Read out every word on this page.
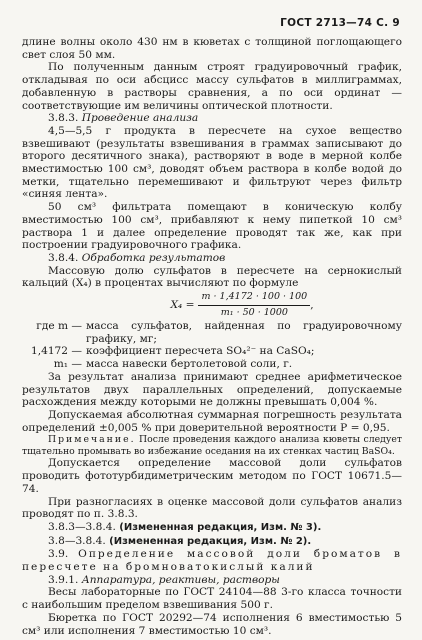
ГОСТ 2713—74 С. 9

длине волны около 430 нм в кюветах с толщиной поглощающего свет слоя 50 мм.

По полученным данным строят градуировочный график, откладывая по оси абсцисс массу сульфатов в миллиграммах, добавленную в растворы сравнения, а по оси ординат — соответствующие им величины оптической плотности.

3.8.3. Проведение анализа

4,5—5,5 г продукта в пересчете на сухое вещество взвешивают (результаты взвешивания в граммах записывают до второго десятичного знака), растворяют в воде в мерной колбе вместимостью 100 см³, доводят объем раствора в колбе водой до метки, тщательно перемешивают и фильтруют через фильтр «синяя лента».

50 см³ фильтрата помещают в коническую колбу вместимостью 100 см³, прибавляют к нему пипеткой 10 см³ раствора 1 и далее определение проводят так же, как при построении градуировочного графика.

3.8.4. Обработка результатов

Массовую долю сульфатов в пересчете на сернокислый кальций (X₄) в процентах вычисляют по формуле

$X_4 = \frac{m \cdot 1,4172 \cdot 100 \cdot 100}{\text{m₁ · 50 · 1000}}$ ,
где m — масса сульфатов, найденная по градуировочному графику, мг;
1,4172 — коэффициент пересчета SO₄²⁻ на CaSO₄;
m₁ — масса навески бертолетовой соли, г.

За результат анализа принимают среднее арифметическое результатов двух параллельных определений, допускаемые расхождения между которыми не должны превышать 0,004 %.

Допускаемая абсолютная суммарная погрешность результата определений ±0,005 % при доверительной вероятности P = 0,95.

Примечание. После проведения каждого анализа кюветы следует тщательно промывать во избежание оседания на их стенках частиц BaSO₄.

Допускается определение массовой доли сульфатов проводить фототурбидиметрическим методом по ГОСТ 10671.5—74.

При разногласиях в оценке массовой доли сульфатов анализ проводят по п. 3.8.3.

3.8.3—3.8.4. (Измененная редакция, Изм. № 3).

3.8—3.8.4. (Измененная редакция, Изм. № 2).

3.9. Определение массовой доли броматов в пересчете на бромноватокислый калий

3.9.1. Аппаратура, реактивы, растворы

Весы лабораторные по ГОСТ 24104—88 3-го класса точности с наибольшим пределом взвешивания 500 г.

Бюретка по ГОСТ 20292—74 исполнения 6 вместимостью 5 см³ или исполнения 7 вместимостью 10 см³.
